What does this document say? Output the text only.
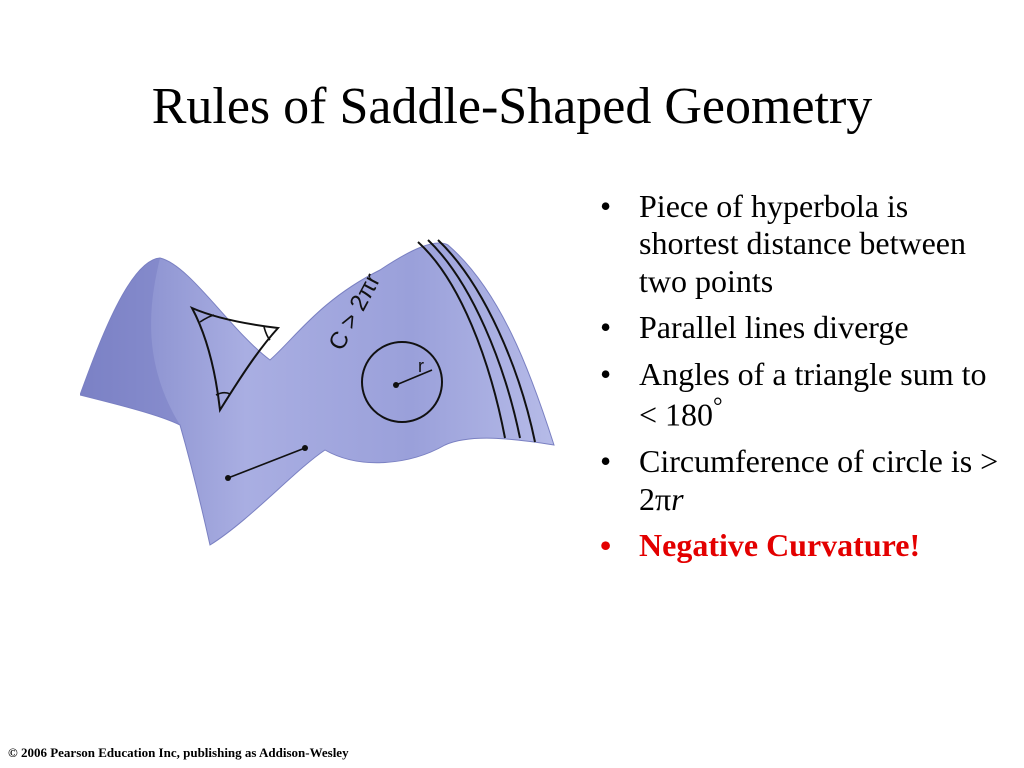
Rules of Saddle-Shaped Geometry
r
C > 2πr
• Piece of hyperbola is shortest distance between two points
• Parallel lines diverge
• Angles of a triangle sum to < 180°
• Circumference of circle is > 2πr
• Negative Curvature!
© 2006 Pearson Education Inc, publishing as Addison-Wesley
